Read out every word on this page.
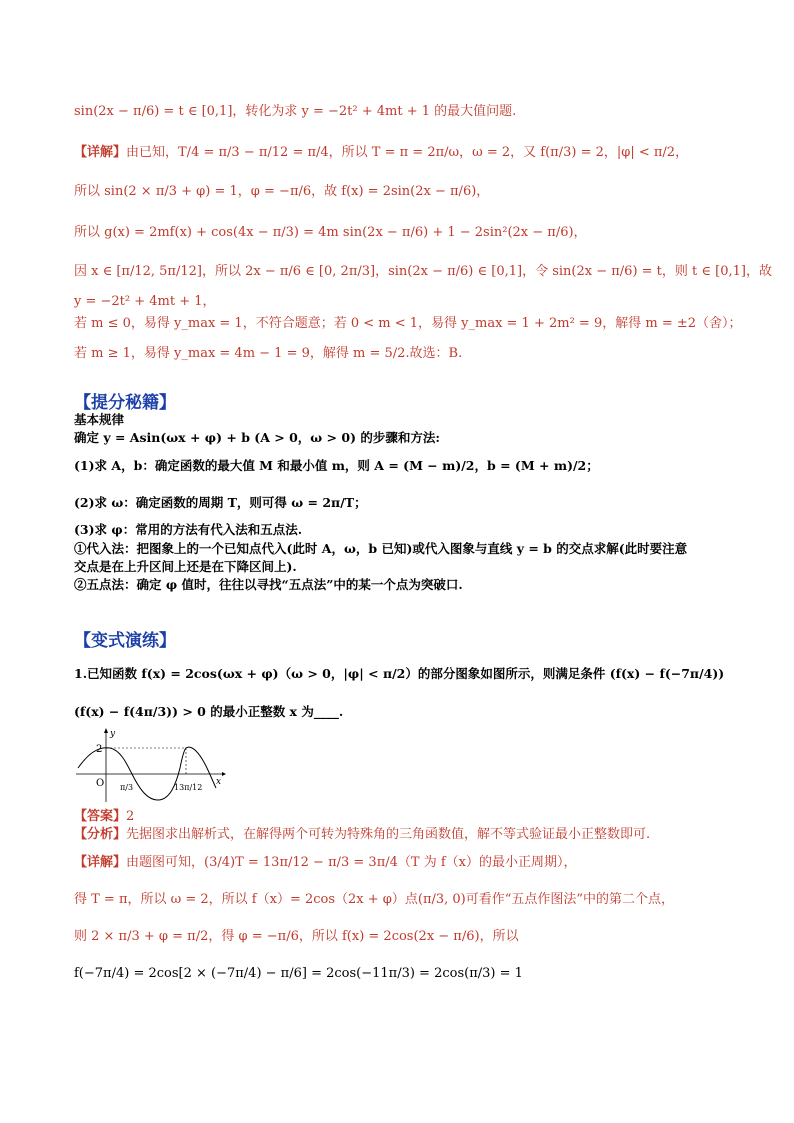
sin(2x − π/6) = t ∈ [0,1]，转化为求 y = −2t² + 4mt + 1 的最大值问题.
【详解】由已知，T/4 = π/3 − π/12 = π/4，所以 T = π = 2π/ω，ω = 2，又 f(π/3) = 2，|φ| < π/2，
所以 sin(2 × π/3 + φ) = 1，φ = −π/6，故 f(x) = 2sin(2x − π/6)，
所以 g(x) = 2mf(x) + cos(4x − π/3) = 4m sin(2x − π/6) + 1 − 2sin²(2x − π/6)，
因 x ∈ [π/12, 5π/12]，所以 2x − π/6 ∈ [0, 2π/3]，sin(2x − π/6) ∈ [0,1]，令 sin(2x − π/6) = t，则 t ∈ [0,1]，故
y = −2t² + 4mt + 1，
若 m ≤ 0，易得 y_max = 1，不符合题意；若 0 < m < 1，易得 y_max = 1 + 2m² = 9，解得 m = ±2（舍）；
若 m ≥ 1，易得 y_max = 4m − 1 = 9，解得 m = 5/2.故选：B.
【提分秘籍】
基本规律
确定 y = Asin(ωx + φ) + b (A > 0，ω > 0) 的步骤和方法:
(1)求 A，b：确定函数的最大值 M 和最小值 m，则 A = (M − m)/2，b = (M + m)/2；
(2)求 ω：确定函数的周期 T，则可得 ω = 2π/T；
(3)求 φ：常用的方法有代入法和五点法.
①代入法：把图象上的一个已知点代入(此时 A，ω，b 已知)或代入图象与直线 y = b 的交点求解(此时要注意
交点是在上升区间上还是在下降区间上).
②五点法：确定 φ 值时，往往以寻找“五点法”中的某一个点为突破口.
【变式演练】
1.已知函数 f(x) = 2cos(ωx + φ)（ω > 0，|φ| < π/2）的部分图象如图所示，则满足条件 (f(x) − f(−7π/4))
(f(x) − f(4π/3)) > 0 的最小正整数 x 为____.
y
x
O
2
π/3	13π/12
【答案】2
【分析】先据图求出解析式，在解得两个可转为特殊角的三角函数值，解不等式验证最小正整数即可.
【详解】由题图可知，(3/4)T = 13π/12 − π/3 = 3π/4（T 为 f（x）的最小正周期），
得 T = π，所以 ω = 2，所以 f（x）= 2cos（2x + φ）点(π/3, 0)可看作“五点作图法”中的第二个点，
则 2 × π/3 + φ = π/2，得 φ = −π/6，所以 f(x) = 2cos(2x − π/6)，所以
f(−7π/4) = 2cos[2 × (−7π/4) − π/6] = 2cos(−11π/3) = 2cos(π/3) = 1
